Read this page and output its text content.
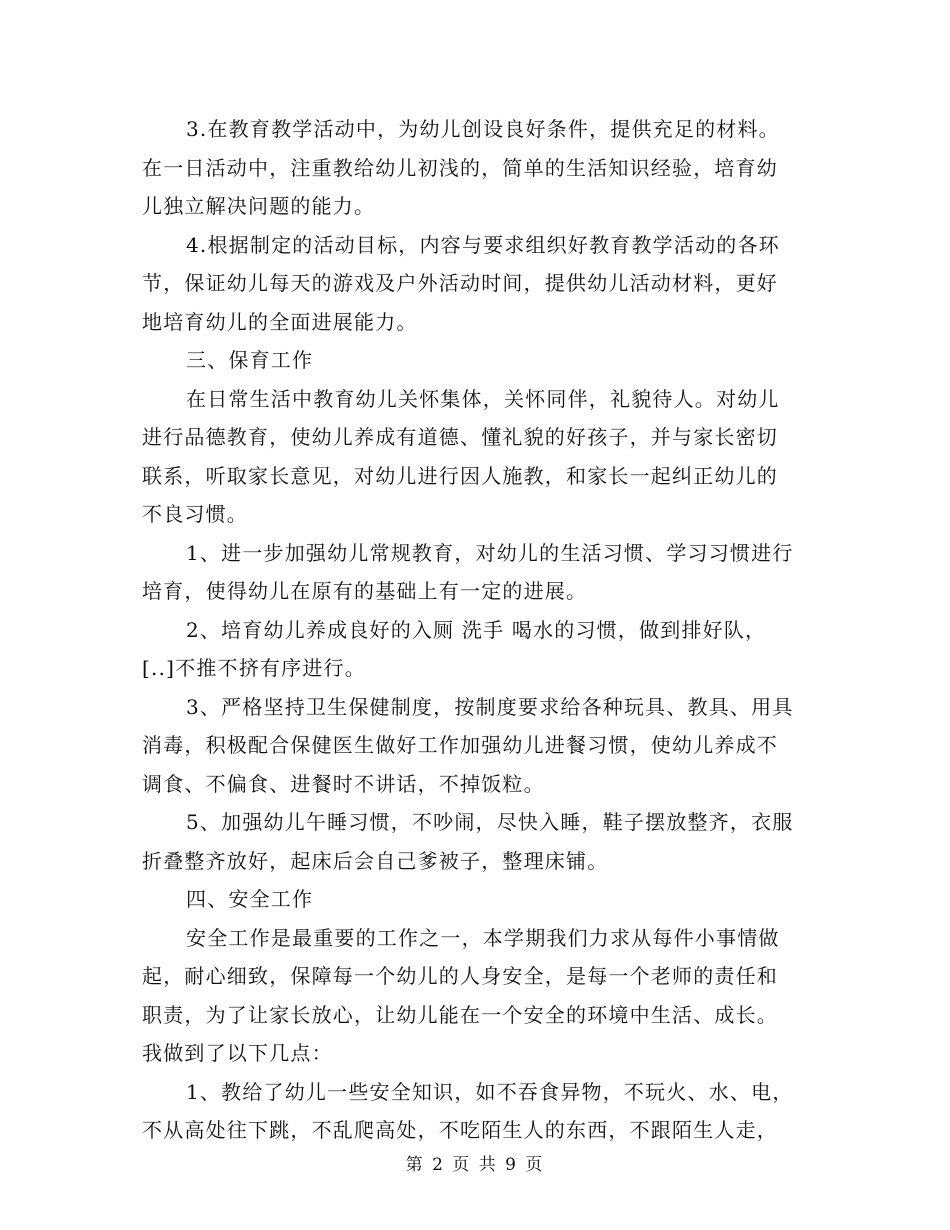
3.在教育教学活动中，为幼儿创设良好条件，提供充足的材料。
在一日活动中，注重教给幼儿初浅的，简单的生活知识经验，培育幼
儿独立解决问题的能力。
4.根据制定的活动目标，内容与要求组织好教育教学活动的各环
节，保证幼儿每天的游戏及户外活动时间，提供幼儿活动材料，更好
地培育幼儿的全面进展能力。
三、保育工作
在日常生活中教育幼儿关怀集体，关怀同伴，礼貌待人。对幼儿
进行品德教育，使幼儿养成有道德、懂礼貌的好孩子，并与家长密切
联系，听取家长意见，对幼儿进行因人施教，和家长一起纠正幼儿的
不良习惯。
1、进一步加强幼儿常规教育，对幼儿的生活习惯、学习习惯进行
培育，使得幼儿在原有的基础上有一定的进展。
2、培育幼儿养成良好的入厕 洗手 喝水的习惯，做到排好队，
[..]不推不挤有序进行。
3、严格坚持卫生保健制度，按制度要求给各种玩具、教具、用具
消毒，积极配合保健医生做好工作加强幼儿进餐习惯，使幼儿养成不
调食、不偏食、进餐时不讲话，不掉饭粒。
5、加强幼儿午睡习惯，不吵闹，尽快入睡，鞋子摆放整齐，衣服
折叠整齐放好，起床后会自己爹被子，整理床铺。
四、安全工作
安全工作是最重要的工作之一，本学期我们力求从每件小事情做
起，耐心细致，保障每一个幼儿的人身安全，是每一个老师的责任和
职责，为了让家长放心，让幼儿能在一个安全的环境中生活、成长。
我做到了以下几点：
1、教给了幼儿一些安全知识，如不吞食异物，不玩火、水、电，
不从高处往下跳，不乱爬高处，不吃陌生人的东西，不跟陌生人走，
第 2 页 共 9 页
